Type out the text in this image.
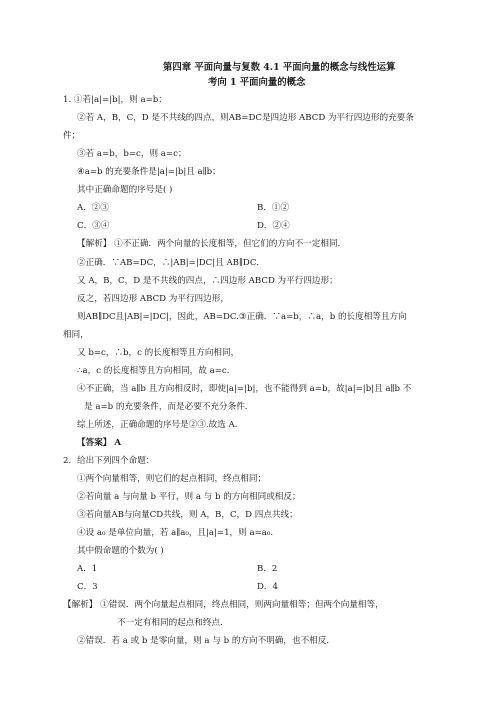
第四章 平面向量与复数 4.1 平面向量的概念与线性运算

考向 1 平面向量的概念

1. ①若|a|=|b|，则 a=b；

②若 A，B，C，D 是不共线的四点，则AB=DC是四边形 ABCD 为平行四边形的充要条

件；

③若 a=b，b=c，则 a=c；

④a=b 的充要条件是|a|=|b|且 a∥b；

其中正确命题的序号是( )

A．②③	B．①②

C．③④	D．②④

【解析】 ①不正确．两个向量的长度相等，但它们的方向不一定相同．

②正确．∵AB=DC，∴|AB|=|DC|且 AB∥DC．

又 A，B，C，D 是不共线的四点，∴四边形 ABCD 为平行四边形；

反之，若四边形 ABCD 为平行四边形，

则AB∥DC且|AB|=|DC|，因此，AB=DC.③正确．∵a=b，∴a，b 的长度相等且方向

相同，

又 b=c，∴b，c 的长度相等且方向相同，

∴a，c 的长度相等且方向相同，故 a=c.

④不正确，当 a∥b 且方向相反时，即使|a|=|b|，也不能得到 a=b，故|a|=|b|且 a∥b 不

是 a=b 的充要条件，而是必要不充分条件．

综上所述，正确命题的序号是②③.故选 A.

【答案】 A

2．给出下列四个命题：

①两个向量相等，则它们的起点相同，终点相同；

②若向量 a 与向量 b 平行，则 a 与 b 的方向相同或相反；

③若向量AB与向量CD共线，则 A，B，C，D 四点共线；

④设 a₀ 是单位向量，若 a∥a₀，且|a|=1，则 a=a₀.

其中假命题的个数为( )

A．1	B．2

C．3	D．4

【解析】 ①错误．两个向量起点相同，终点相同，则两向量相等；但两个向量相等，

不一定有相同的起点和终点．

②错误．若 a 或 b 是零向量，则 a 与 b 的方向不明确，也不相反．
